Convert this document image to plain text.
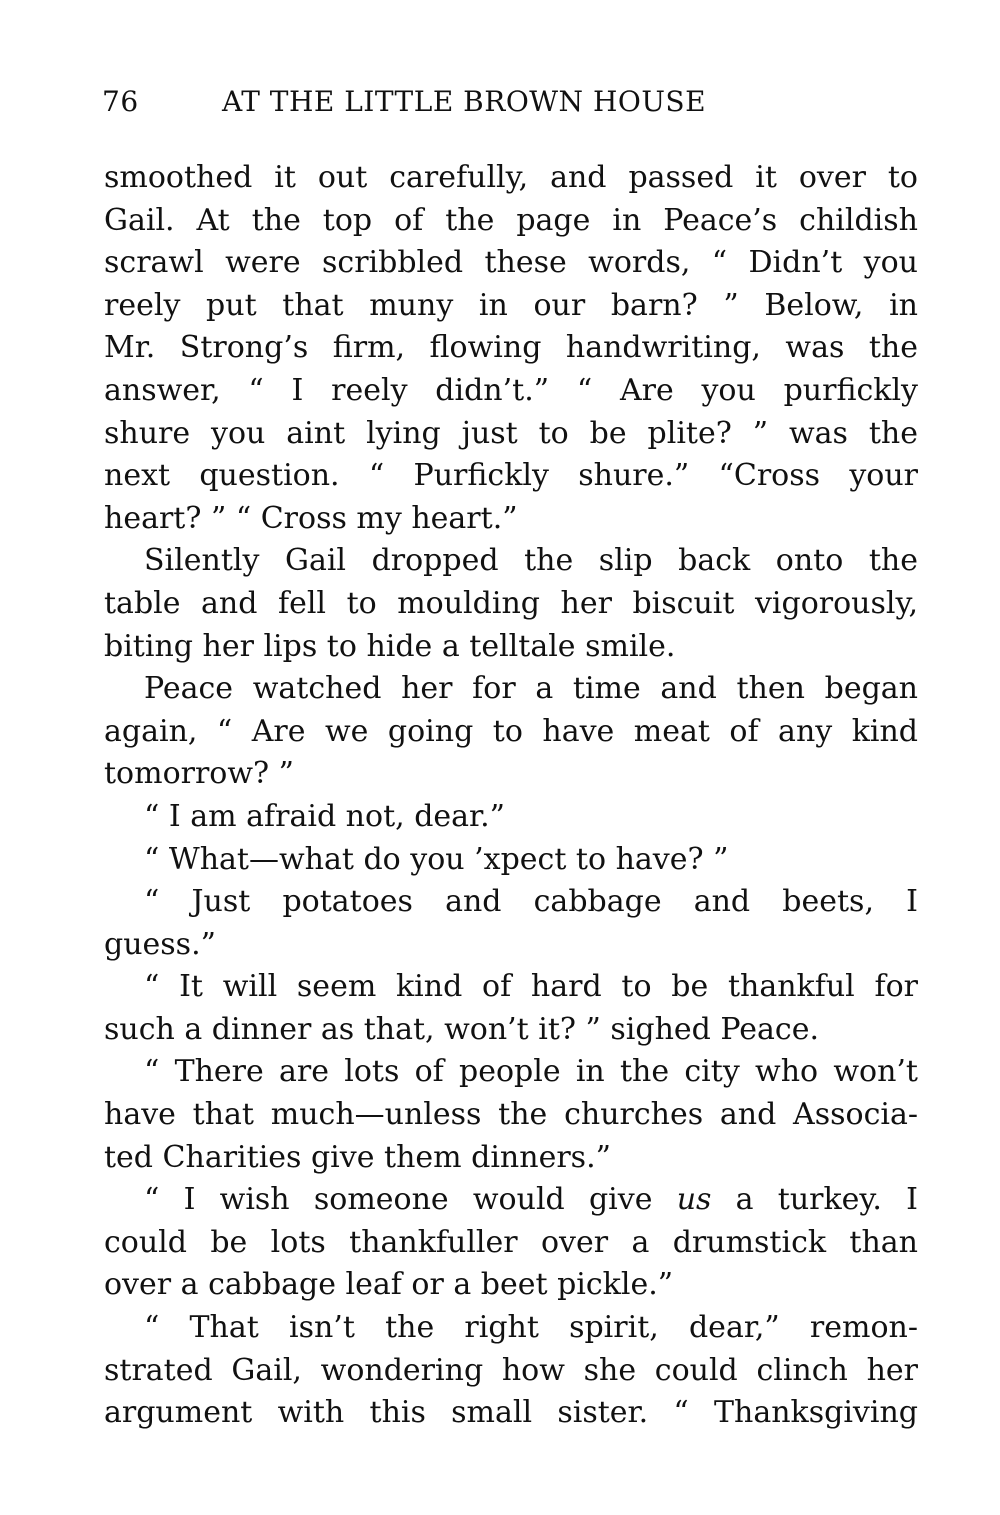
76	AT THE LITTLE BROWN HOUSE
smoothed it out carefully, and passed it over to
Gail. At the top of the page in Peace’s childish
scrawl were scribbled these words, “ Didn’t you
reely put that muny in our barn? ” Below, in
Mr. Strong’s firm, flowing handwriting, was the
answer, “ I reely didn’t.” “ Are you purfickly
shure you aint lying just to be plite? ” was the
next question. “ Purfickly shure.” “Cross your
heart? ” “ Cross my heart.”
Silently Gail dropped the slip back onto the
table and fell to moulding her biscuit vigorously,
biting her lips to hide a telltale smile.
Peace watched her for a time and then began
again, “ Are we going to have meat of any kind
tomorrow? ”
“ I am afraid not, dear.”
“ What—what do you ’xpect to have? ”
“ Just potatoes and cabbage and beets, I
guess.”
“ It will seem kind of hard to be thankful for
such a dinner as that, won’t it? ” sighed Peace.
“ There are lots of people in the city who won’t
have that much—unless the churches and Associa-
ted Charities give them dinners.”
“ I wish someone would give us a turkey. I
could be lots thankfuller over a drumstick than
over a cabbage leaf or a beet pickle.”
“ That isn’t the right spirit, dear,” remon-
strated Gail, wondering how she could clinch her
argument with this small sister. “ Thanksgiving
